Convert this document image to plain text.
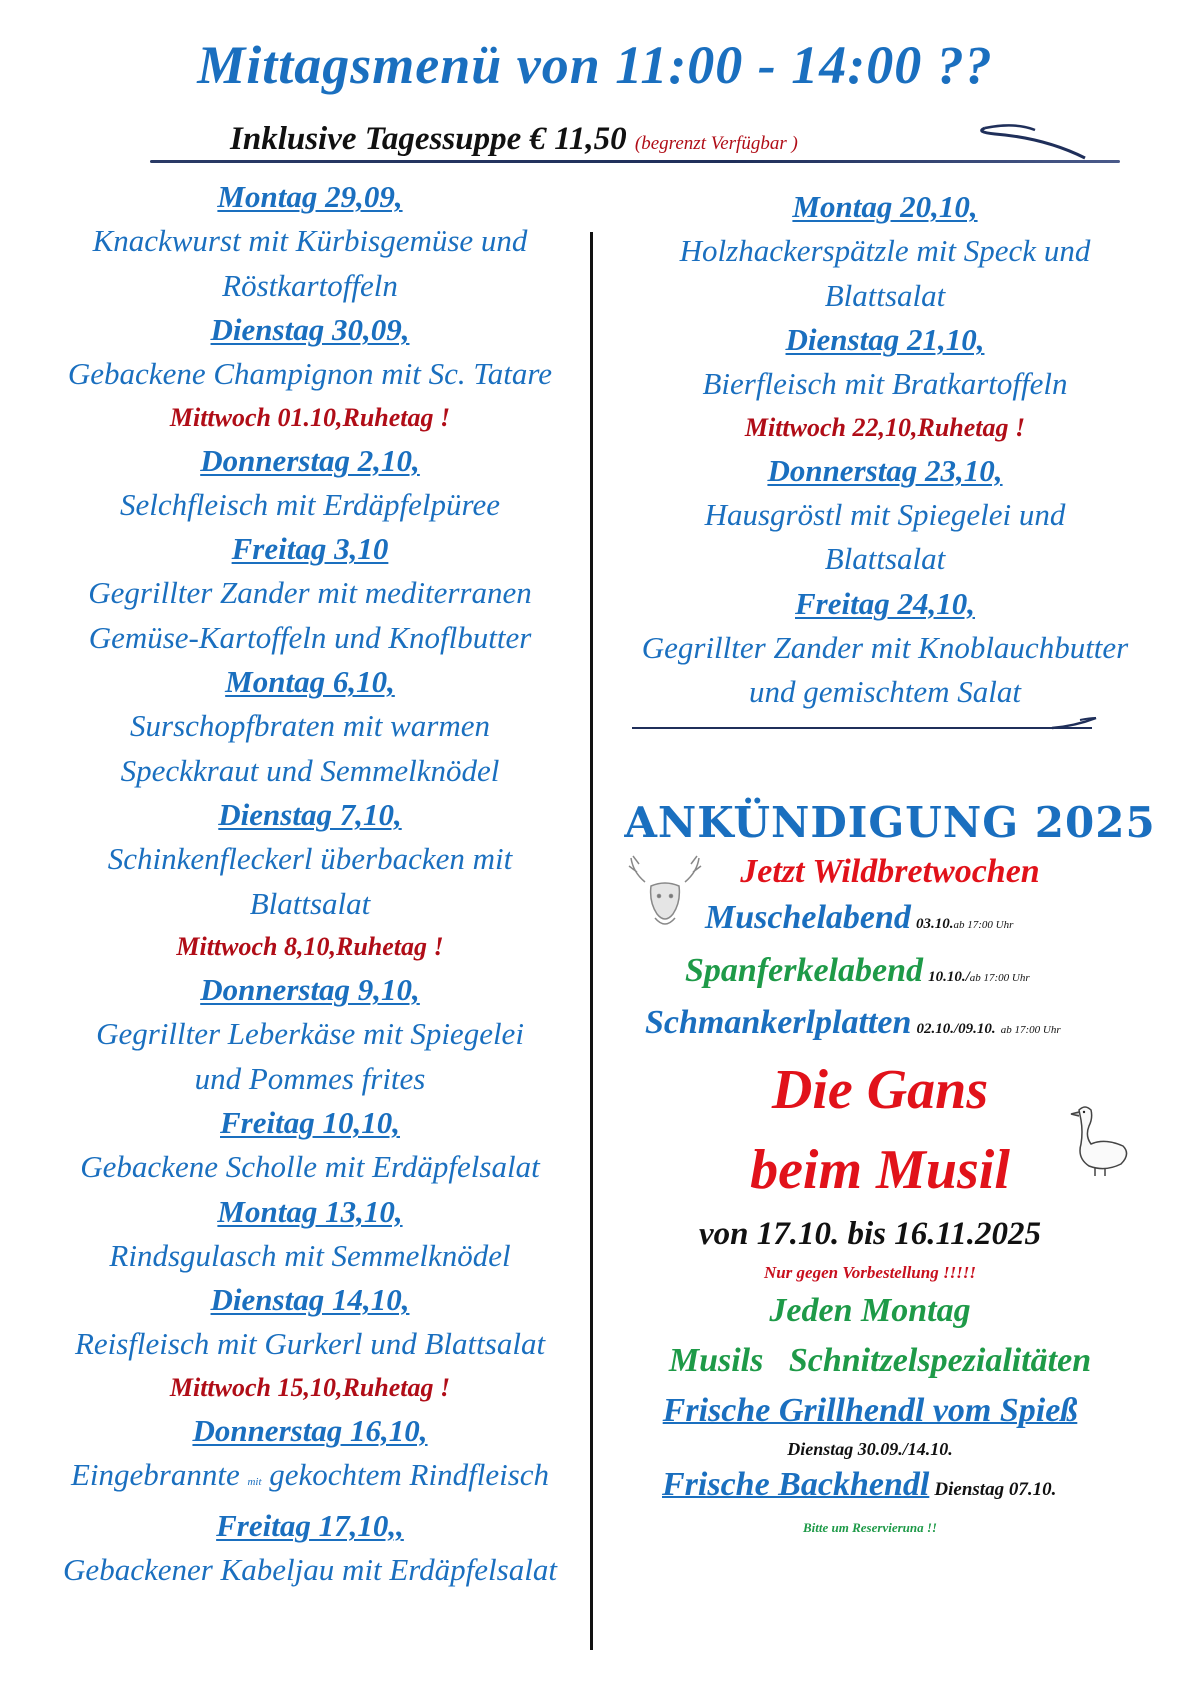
Mittagsmenü von 11:00 - 14:00 ??
Inklusive Tagessuppe € 11,50 (begrenzt Verfügbar )
Montag 29,09,
Knackwurst mit Kürbisgemüse und
Röstkartoffeln
Dienstag 30,09,
Gebackene Champignon mit Sc. Tatare
Mittwoch 01.10,Ruhetag !
Donnerstag 2,10,
Selchfleisch mit Erdäpfelpüree
Freitag 3,10
Gegrillter Zander mit mediterranen
Gemüse-Kartoffeln und Knoflbutter
Montag 6,10,
Surschopfbraten mit warmen
Speckkraut und Semmelknödel
Dienstag 7,10,
Schinkenfleckerl überbacken mit
Blattsalat
Mittwoch 8,10,Ruhetag !
Donnerstag 9,10,
Gegrillter Leberkäse mit Spiegelei
und Pommes frites
Freitag 10,10,
Gebackene Scholle mit Erdäpfelsalat
Montag 13,10,
Rindsgulasch mit Semmelknödel
Dienstag 14,10,
Reisfleisch mit Gurkerl und Blattsalat
Mittwoch 15,10,Ruhetag !
Donnerstag 16,10,
Eingebrannte mit gekochtem Rindfleisch
Freitag 17,10,,
Gebackener Kabeljau mit Erdäpfelsalat
Montag 20,10,
Holzhackerspätzle mit Speck und
Blattsalat
Dienstag 21,10,
Bierfleisch mit Bratkartoffeln
Mittwoch 22,10,Ruhetag !
Donnerstag 23,10,
Hausgröstl mit Spiegelei und
Blattsalat
Freitag 24,10,
Gegrillter Zander mit Knoblauchbutter
und gemischtem Salat
ANKÜNDIGUNG 2025
Jetzt Wildbretwochen
Muschelabend 03.10.ab 17:00 Uhr
Spanferkelabend 10.10./ab 17:00 Uhr
Schmankerlplatten 02.10./09.10. ab 17:00 Uhr
Die Gans
beim Musil
von 17.10. bis 16.11.2025
Nur gegen Vorbestellung !!!!!
Jeden Montag
Musils   Schnitzelspezialitäten
Frische Grillhendl vom Spieß
Dienstag 30.09./14.10.
Frische Backhendl Dienstag 07.10.
Bitte um Reservieruna !!
